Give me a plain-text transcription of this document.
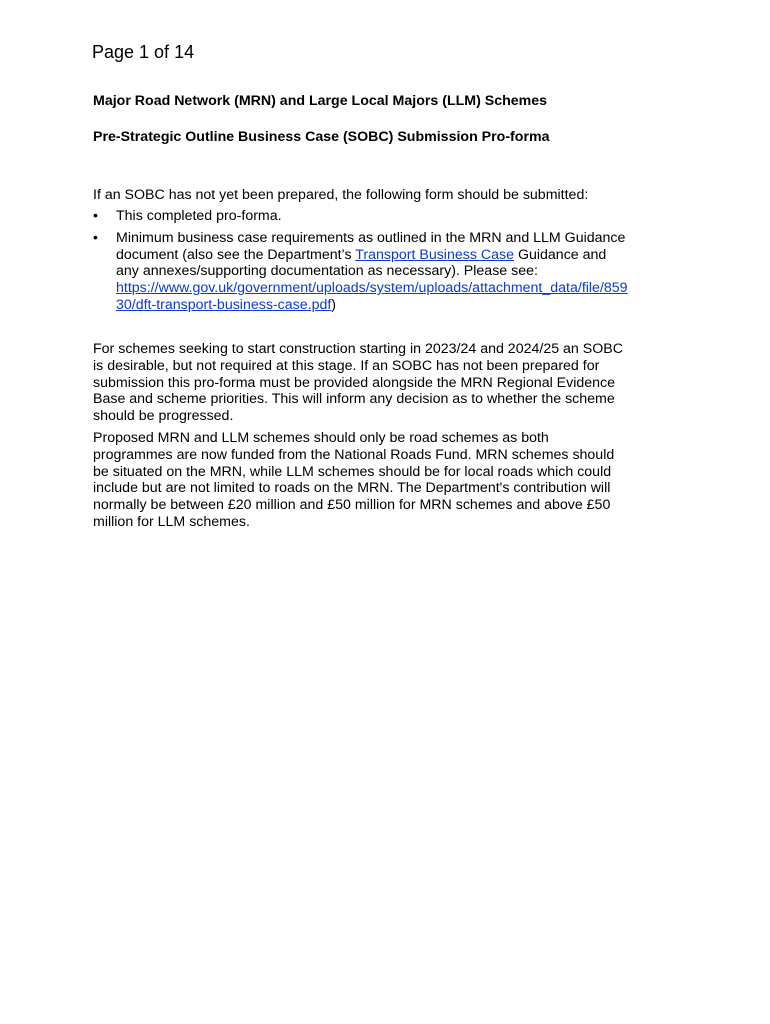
Page 1 of 14
Major Road Network (MRN) and Large Local Majors (LLM) Schemes
Pre-Strategic Outline Business Case (SOBC) Submission Pro-forma
If an SOBC has not yet been prepared, the following form should be submitted:
• This completed pro-forma.
• Minimum business case requirements as outlined in the MRN and LLM Guidance
document (also see the Department’s Transport Business Case Guidance and
any annexes/supporting documentation as necessary). Please see:
https://www.gov.uk/government/uploads/system/uploads/attachment_data/file/859
30/dft-transport-business-case.pdf)
For schemes seeking to start construction starting in 2023/24 and 2024/25 an SOBC
is desirable, but not required at this stage. If an SOBC has not been prepared for
submission this pro-forma must be provided alongside the MRN Regional Evidence
Base and scheme priorities. This will inform any decision as to whether the scheme
should be progressed.
Proposed MRN and LLM schemes should only be road schemes as both
programmes are now funded from the National Roads Fund. MRN schemes should
be situated on the MRN, while LLM schemes should be for local roads which could
include but are not limited to roads on the MRN. The Department's contribution will
normally be between £20 million and £50 million for MRN schemes and above £50
million for LLM schemes.
